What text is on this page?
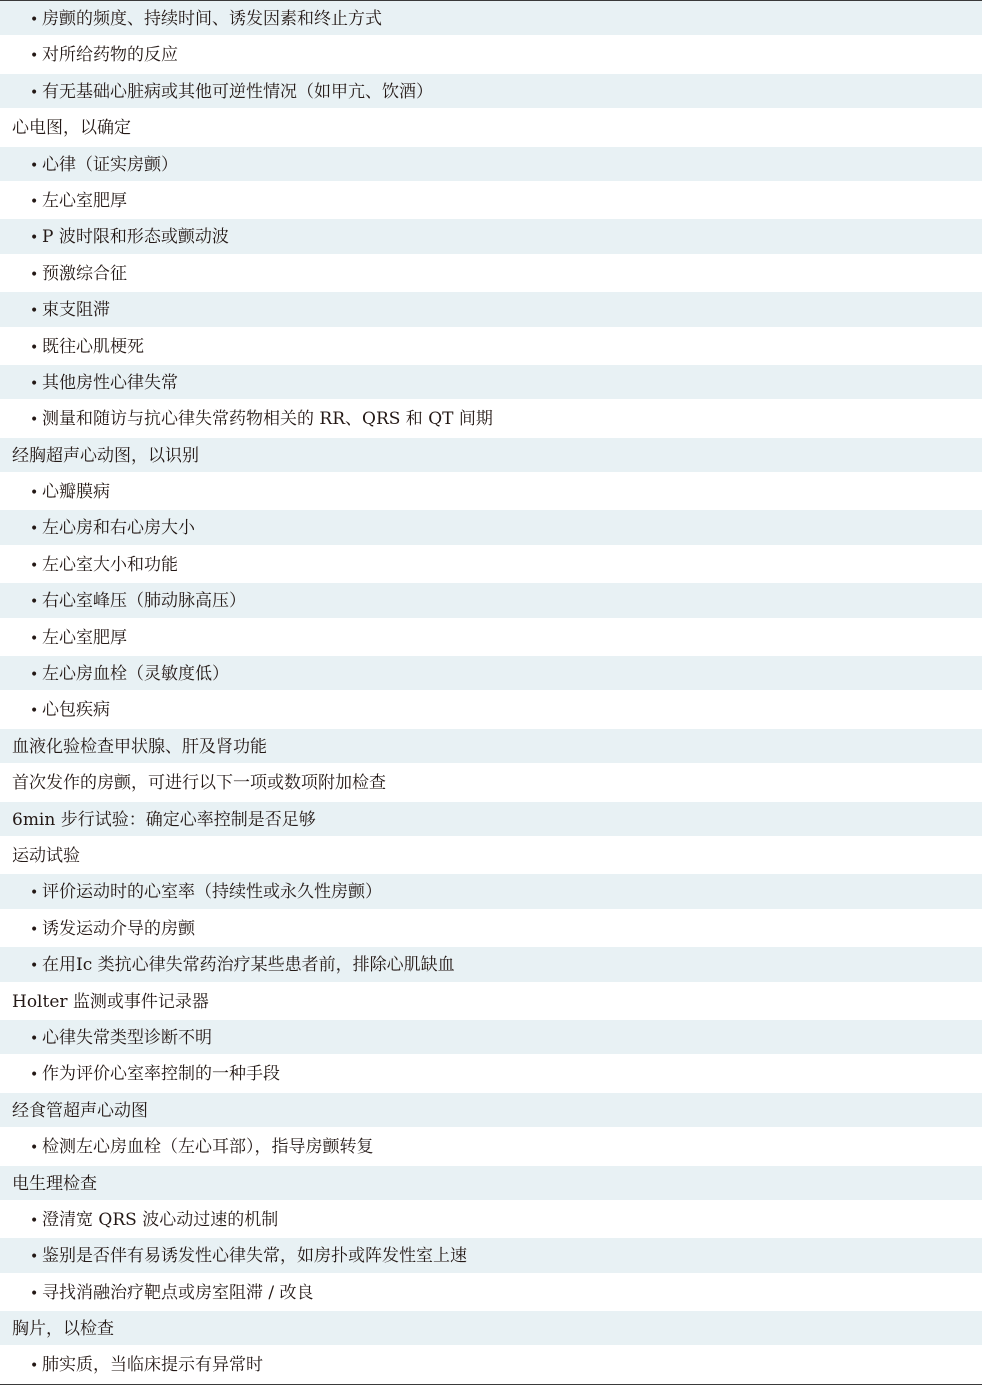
• 房颤的频度、持续时间、诱发因素和终止方式
• 对所给药物的反应
• 有无基础心脏病或其他可逆性情况（如甲亢、饮酒）
心电图，以确定
• 心律（证实房颤）
• 左心室肥厚
• P 波时限和形态或颤动波
• 预激综合征
• 束支阻滞
• 既往心肌梗死
• 其他房性心律失常
• 测量和随访与抗心律失常药物相关的 RR、QRS 和 QT 间期
经胸超声心动图，以识别
• 心瓣膜病
• 左心房和右心房大小
• 左心室大小和功能
• 右心室峰压（肺动脉高压）
• 左心室肥厚
• 左心房血栓（灵敏度低）
• 心包疾病
血液化验检查甲状腺、肝及肾功能
首次发作的房颤，可进行以下一项或数项附加检查
6min 步行试验：确定心率控制是否足够
运动试验
• 评价运动时的心室率（持续性或永久性房颤）
• 诱发运动介导的房颤
• 在用Ⅰc 类抗心律失常药治疗某些患者前，排除心肌缺血
Holter 监测或事件记录器
• 心律失常类型诊断不明
• 作为评价心室率控制的一种手段
经食管超声心动图
• 检测左心房血栓（左心耳部），指导房颤转复
电生理检查
• 澄清宽 QRS 波心动过速的机制
• 鉴别是否伴有易诱发性心律失常，如房扑或阵发性室上速
• 寻找消融治疗靶点或房室阻滞 / 改良
胸片，以检查
• 肺实质，当临床提示有异常时
